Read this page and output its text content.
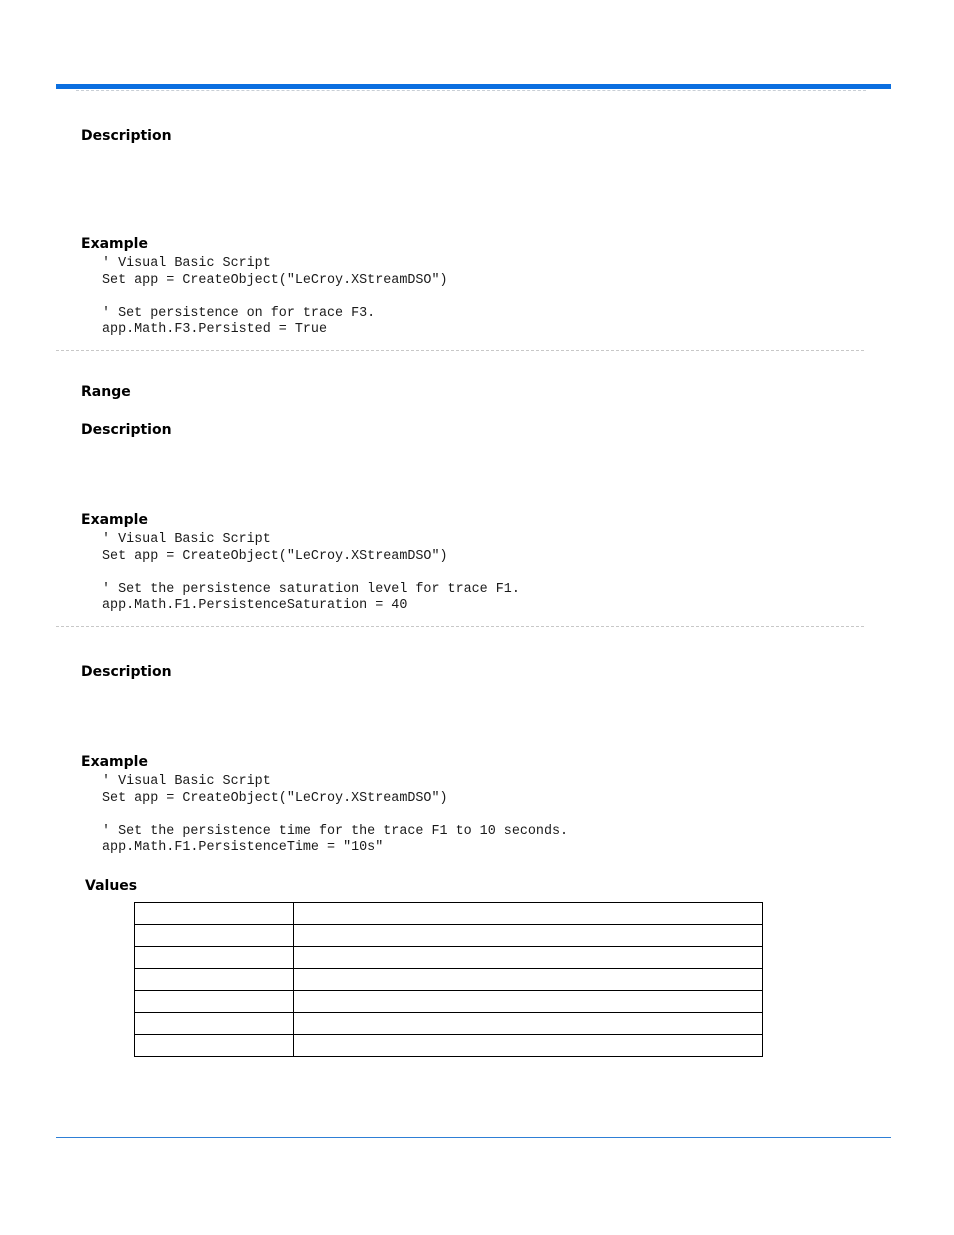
Description
Example
' Visual Basic Script
Set app = CreateObject("LeCroy.XStreamDSO")

' Set persistence on for trace F3.
app.Math.F3.Persisted = True
Range
Description
Example
' Visual Basic Script
Set app = CreateObject("LeCroy.XStreamDSO")

' Set the persistence saturation level for trace F1.
app.Math.F1.PersistenceSaturation = 40
Description
Example
' Visual Basic Script
Set app = CreateObject("LeCroy.XStreamDSO")

' Set the persistence time for the trace F1 to 10 seconds.
app.Math.F1.PersistenceTime = "10s"
Values
